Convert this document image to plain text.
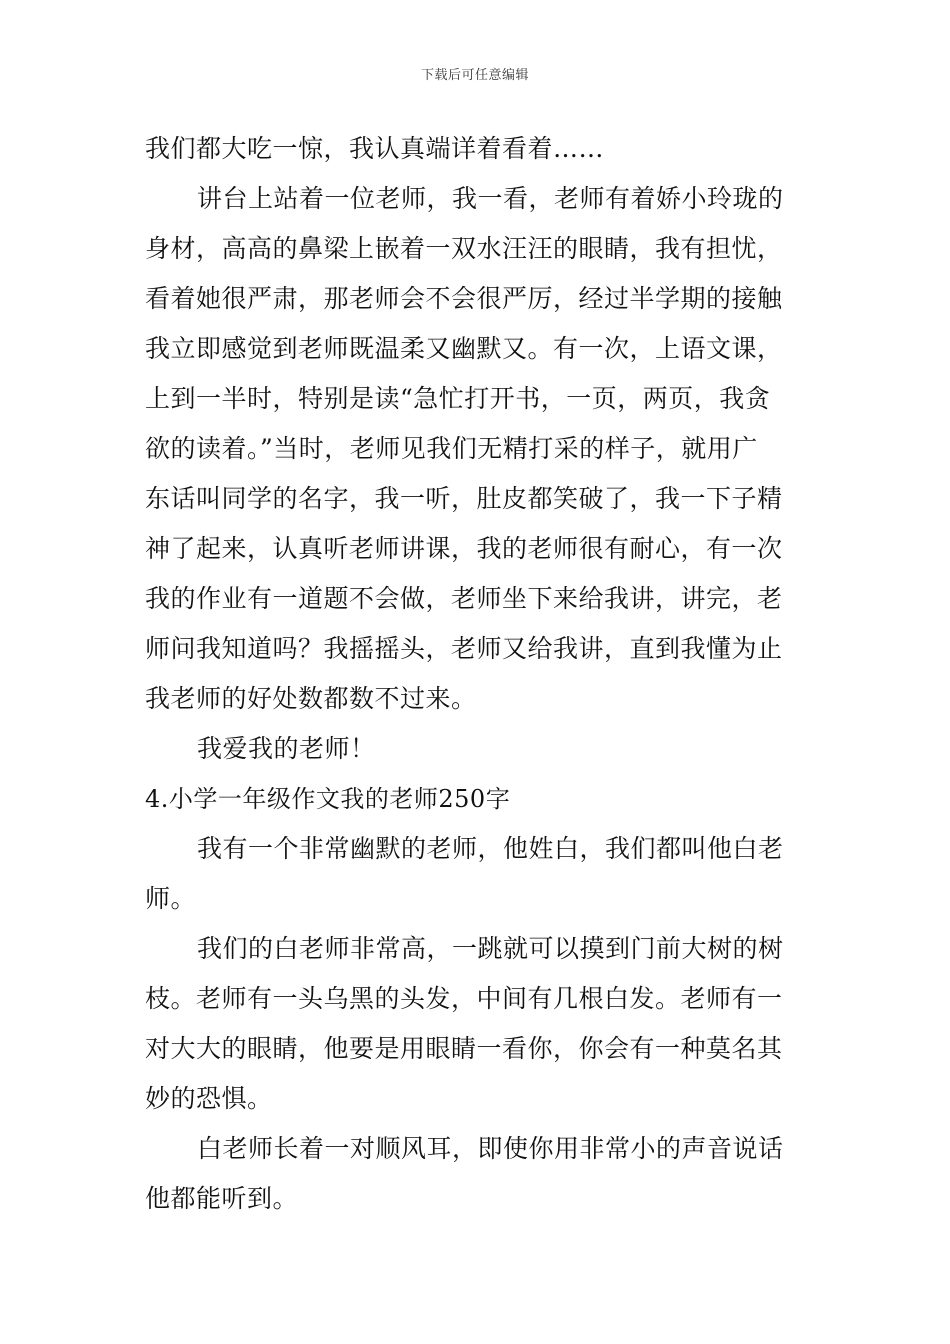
下载后可任意编辑
我们都大吃一惊，我认真端详着看着……
讲台上站着一位老师，我一看，老师有着娇小玲珑的
身材，高高的鼻梁上嵌着一双水汪汪的眼睛，我有担忧，
看着她很严肃，那老师会不会很严厉，经过半学期的接触
我立即感觉到老师既温柔又幽默又。有一次，上语文课，
上到一半时，特别是读“急忙打开书，一页，两页，我贪
欲的读着。”当时，老师见我们无精打采的样子，就用广
东话叫同学的名字，我一听，肚皮都笑破了，我一下子精
神了起来，认真听老师讲课，我的老师很有耐心，有一次
我的作业有一道题不会做，老师坐下来给我讲，讲完，老
师问我知道吗？我摇摇头，老师又给我讲，直到我懂为止
我老师的好处数都数不过来。
我爱我的老师！
4.小学一年级作文我的老师250字
我有一个非常幽默的老师，他姓白，我们都叫他白老
师。
我们的白老师非常高，一跳就可以摸到门前大树的树
枝。老师有一头乌黑的头发，中间有几根白发。老师有一
对大大的眼睛，他要是用眼睛一看你，你会有一种莫名其
妙的恐惧。
白老师长着一对顺风耳，即使你用非常小的声音说话
他都能听到。
